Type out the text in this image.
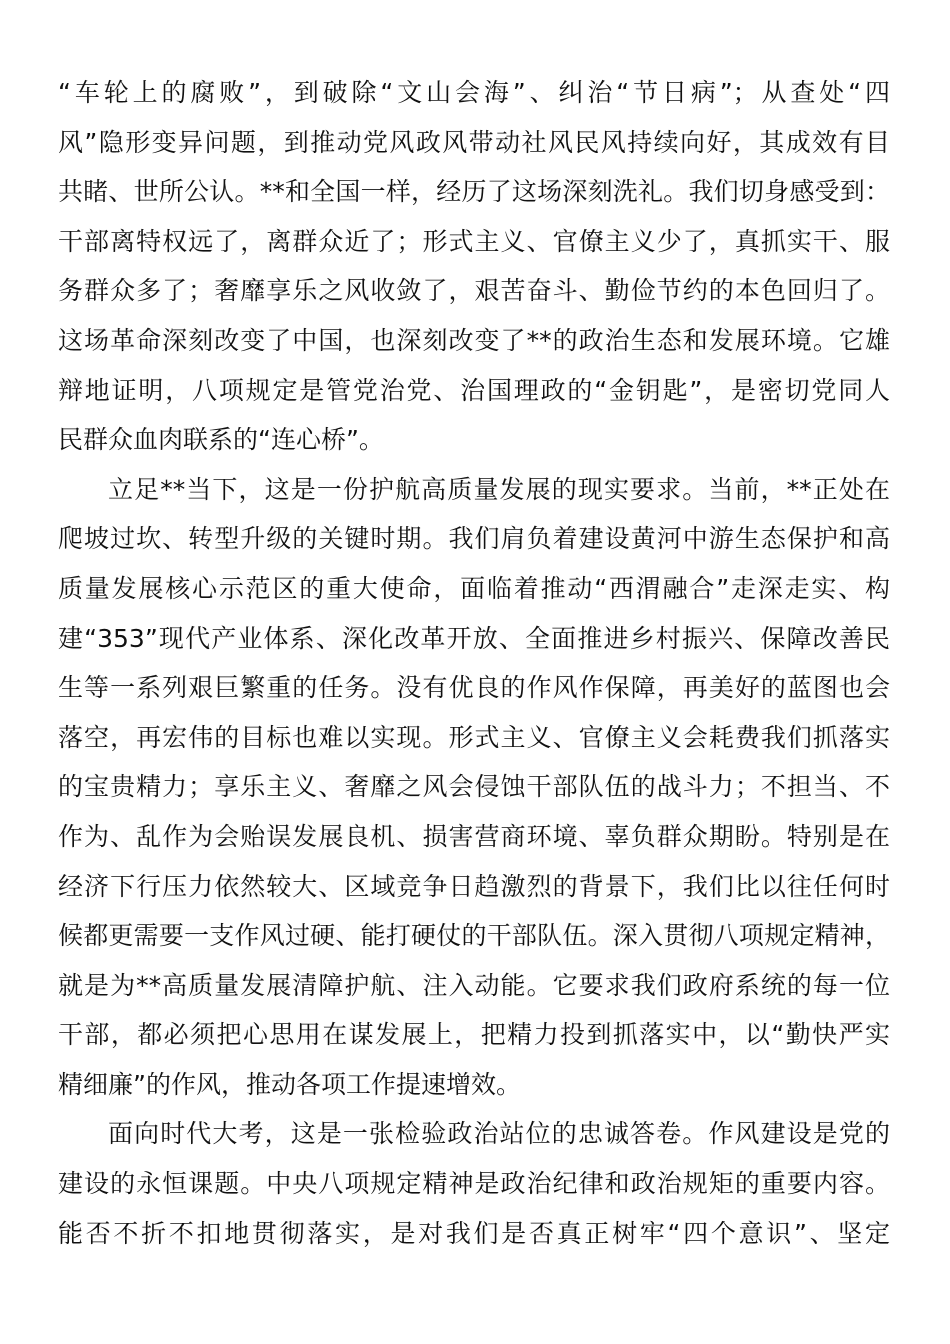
“车轮上的腐败”，到破除“文山会海”、纠治“节日病”；从查处“四
风”隐形变异问题，到推动党风政风带动社风民风持续向好，其成效有目
共睹、世所公认。**和全国一样，经历了这场深刻洗礼。我们切身感受到：
干部离特权远了，离群众近了；形式主义、官僚主义少了，真抓实干、服
务群众多了；奢靡享乐之风收敛了，艰苦奋斗、勤俭节约的本色回归了。
这场革命深刻改变了中国，也深刻改变了**的政治生态和发展环境。它雄
辩地证明，八项规定是管党治党、治国理政的“金钥匙”，是密切党同人
民群众血肉联系的“连心桥”。
立足**当下，这是一份护航高质量发展的现实要求。当前，**正处在
爬坡过坎、转型升级的关键时期。我们肩负着建设黄河中游生态保护和高
质量发展核心示范区的重大使命，面临着推动“西渭融合”走深走实、构
建“353”现代产业体系、深化改革开放、全面推进乡村振兴、保障改善民
生等一系列艰巨繁重的任务。没有优良的作风作保障，再美好的蓝图也会
落空，再宏伟的目标也难以实现。形式主义、官僚主义会耗费我们抓落实
的宝贵精力；享乐主义、奢靡之风会侵蚀干部队伍的战斗力；不担当、不
作为、乱作为会贻误发展良机、损害营商环境、辜负群众期盼。特别是在
经济下行压力依然较大、区域竞争日趋激烈的背景下，我们比以往任何时
候都更需要一支作风过硬、能打硬仗的干部队伍。深入贯彻八项规定精神，
就是为**高质量发展清障护航、注入动能。它要求我们政府系统的每一位
干部，都必须把心思用在谋发展上，把精力投到抓落实中，以“勤快严实
精细廉”的作风，推动各项工作提速增效。
面向时代大考，这是一张检验政治站位的忠诚答卷。作风建设是党的
建设的永恒课题。中央八项规定精神是政治纪律和政治规矩的重要内容。
能否不折不扣地贯彻落实，是对我们是否真正树牢“四个意识”、坚定
